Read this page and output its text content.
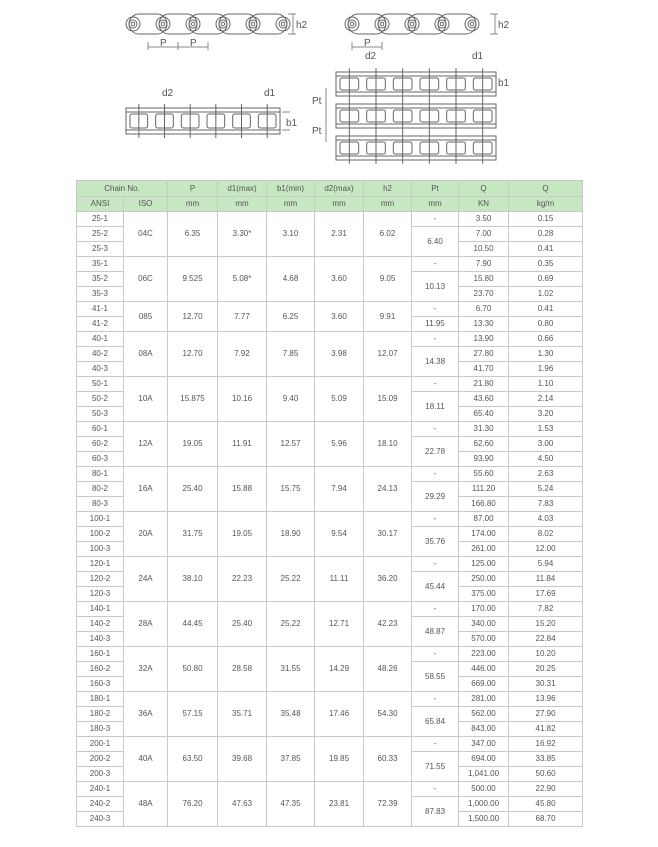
P P
h2
P
h2
d2	d1
b1
d2	d1
b1
Pt
Pt
Chain No.		P	d1(max)	b1(min)	d2(max)	h2	Pt	Q	Q
ANSI	ISO	mm	mm	mm	mm	mm	mm	KN	kg/m
25-1	04C	6.35	3.30*	3.10	2.31	6.02	-	3.50	0.15
25-2							6.40	7.00	0.28
25-3								10.50	0.41
35-1	06C	9.525	5.08*	4.68	3.60	9.05	-	7.90	0.35
35-2							10.13	15.80	0.69
35-3								23.70	1.02
41-1	085	12.70	7.77	6.25	3.60	9.91	-	6.70	0.41
41-2							11.95	13.30	0.80
40-1	08A	12.70	7.92	7.85	3.98	12.07	-	13.90	0.66
40-2							14.38	27.80	1.30
40-3								41.70	1.96
50-1	10A	15.875	10.16	9.40	5.09	15.09	-	21.80	1.10
50-2							18.11	43.60	2.14
50-3								65.40	3.20
60-1	12A	19.05	11.91	12.57	5.96	18.10	-	31.30	1.53
60-2							22.78	62.60	3.00
60-3								93.90	4.50
80-1	16A	25.40	15.88	15.75	7.94	24.13	-	55.60	2.63
80-2							29.29	111.20	5.24
80-3								166.80	7.83
100-1	20A	31.75	19.05	18.90	9.54	30.17	-	87.00	4.03
100-2							35.76	174.00	8.02
100-3								261.00	12.00
120-1	24A	38.10	22.23	25.22	11.11	36.20	-	125.00	5.94
120-2							45.44	250.00	11.84
120-3								375.00	17.69
140-1	28A	44.45	25.40	25.22	12.71	42.23	-	170.00	7.82
140-2							48.87	340.00	15.20
140-3								570.00	22.84
160-1	32A	50.80	28.58	31.55	14.29	48.26	-	223.00	10.20
160-2							58.55	446.00	20.25
160-3								669.00	30.31
180-1	36A	57.15	35.71	35.48	17.46	54.30	-	281.00	13.96
180-2							65.84	562.00	27.90
180-3								843.00	41.82
200-1	40A	63.50	39.68	37.85	19.85	60.33	-	347.00	16.92
200-2							71.55	694.00	33.85
200-3								1,041.00	50.60
240-1	48A	76.20	47.63	47.35	23.81	72.39	-	500.00	22.90
240-2							87.83	1,000.00	45.80
240-3								1,500.00	68.70
